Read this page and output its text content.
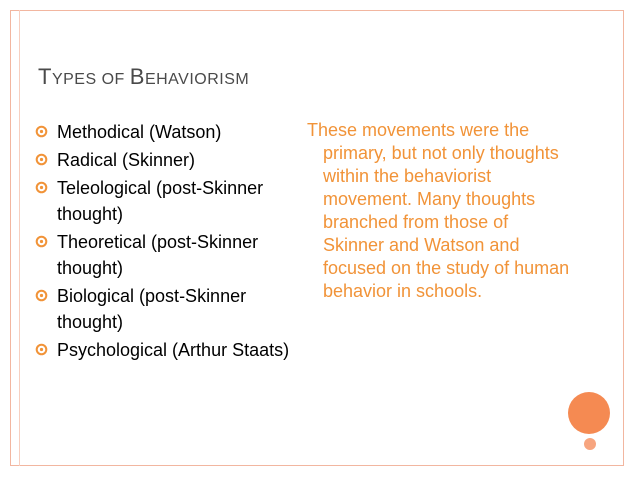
TYPES OF BEHAVIORISM
Methodical (Watson)
Radical (Skinner)
Teleological (post-Skinner thought)
Theoretical (post-Skinner thought)
Biological (post-Skinner thought)
Psychological (Arthur Staats)
These movements were the primary, but not only thoughts within the behaviorist movement. Many thoughts branched from those of Skinner and Watson and focused on the study of human behavior in schools.
